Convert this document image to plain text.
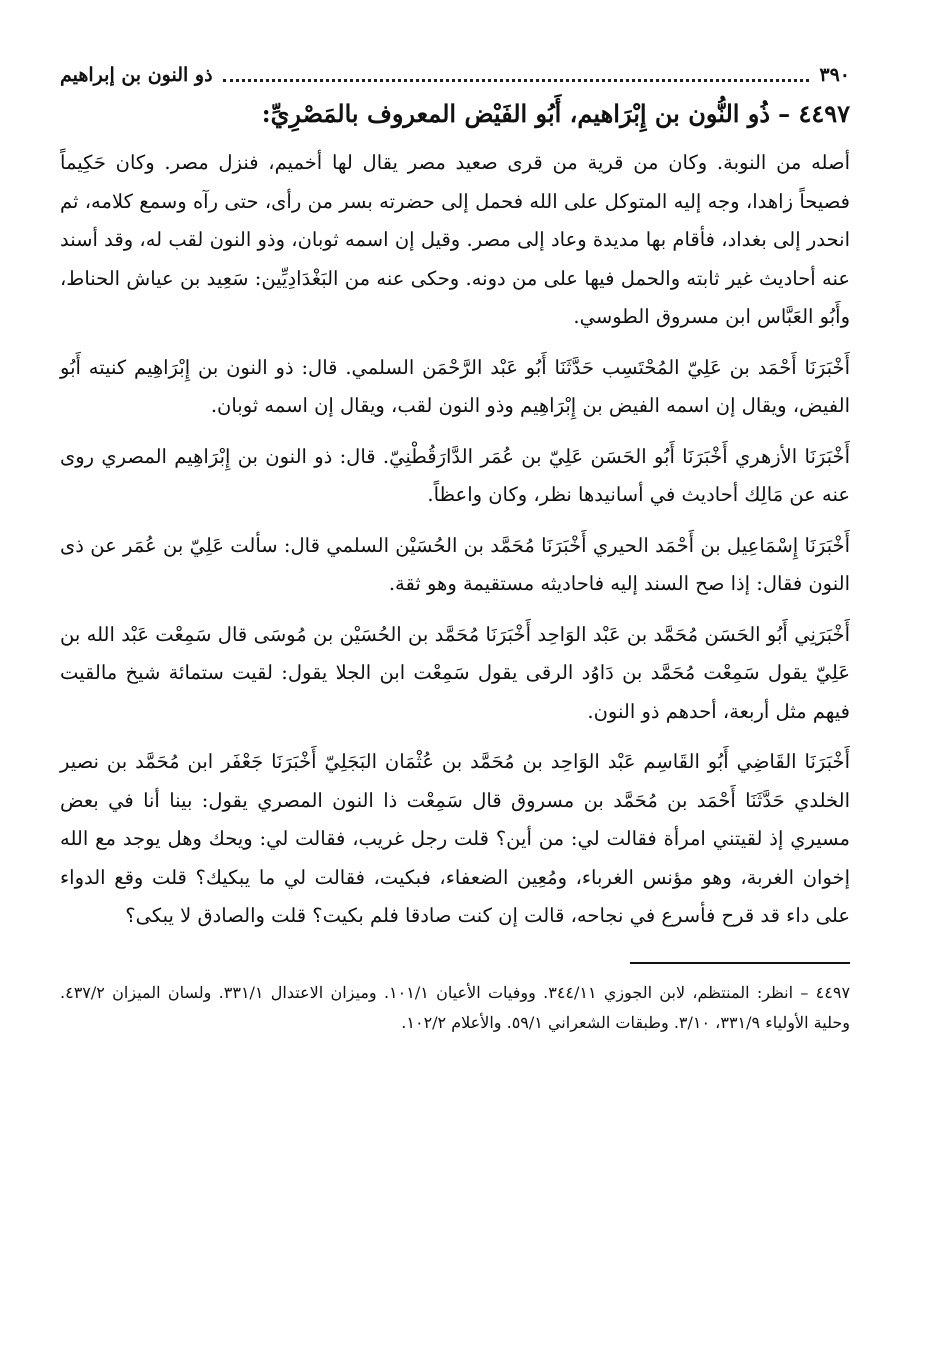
٣٩٠
ذو النون بن إبراهيم
٤٤٩٧ –ذُو النُّون بن إِبْرَاهيم، أَبُو الفَيْض المعروف بالمَصْرِيِّ:

أصله من النوبة. وكان من قرية من قرى صعيد مصر يقال لها أخميم، فنزل مصر. وكان حَكِيماً فصيحاً زاهدا، وجه إليه المتوكل على الله فحمل إلى حضرته بسر من رأى، حتى رآه وسمع كلامه، ثم انحدر إلى بغداد، فأقام بها مديدة وعاد إلى مصر. وقيل إن اسمه ثوبان، وذو النون لقب له، وقد أسند عنه أحاديث غير ثابته والحمل فيها على من دونه. وحكى عنه من البَغْدَادِيِّين: سَعِيد بن عياش الحناط، وأَبُو العَبَّاس ابن مسروق الطوسي.

أَخْبَرَنَا أَحْمَد بن عَلِيّ المُحْتَسِب حَدَّثَنَا أَبُو عَبْد الرَّحْمَن السلمي. قال: ذو النون بن إِبْرَاهِيم كنيته أَبُو الفيض، ويقال إن اسمه الفيض بن إِبْرَاهِيم وذو النون لقب، ويقال إن اسمه ثوبان.

أَخْبَرَنَا الأزهري أَخْبَرَنَا أَبُو الحَسَن عَلِيّ بن عُمَر الدَّارَقُطْنِيّ. قال: ذو النون بن إِبْرَاهِيم المصري روى عنه عن مَالِك أحاديث في أسانيدها نظر، وكان واعظاً.

أَخْبَرَنَا إِسْمَاعِيل بن أَحْمَد الحيري أَخْبَرَنَا مُحَمَّد بن الحُسَيْن السلمي قال: سألت عَلِيّ بن عُمَر عن ذى النون فقال: إذا صح السند إليه فاحاديثه مستقيمة وهو ثقة.

أَخْبَرَنِي أَبُو الحَسَن مُحَمَّد بن عَبْد الوَاحِد أَخْبَرَنَا مُحَمَّد بن الحُسَيْن بن مُوسَى قال سَمِعْت عَبْد الله بن عَلِيّ يقول سَمِعْت مُحَمَّد بن دَاوُد الرقى يقول سَمِعْت ابن الجلا يقول: لقيت ستمائة شيخ مالقيت فيهم مثل أربعة، أحدهم ذو النون.

أَخْبَرَنَا القَاضِي أَبُو القَاسِم عَبْد الوَاحِد بن مُحَمَّد بن عُثْمَان البَجَلِيّ أَخْبَرَنَا جَعْفَر ابن مُحَمَّد بن نصير الخلدي حَدَّثَنَا أَحْمَد بن مُحَمَّد بن مسروق قال سَمِعْت ذا النون المصري يقول: بينا أنا في بعض مسيري إذ لقيتني امرأة فقالت لي: من أين؟ قلت رجل غريب، فقالت لي: ويحك وهل يوجد مع الله إخوان الغربة، وهو مؤنس الغرباء، ومُعِين الضعفاء، فبكيت، فقالت لي ما يبكيك؟ قلت وقع الدواء على داء قد قرح فأسرع في نجاحه، قالت إن كنت صادقا فلم بكيت؟ قلت والصادق لا يبكى؟

٤٤٩٧ – انظر: المنتظم، لابن الجوزي ٣٤٤/١١. ووفيات الأعيان ١٠١/١. وميزان الاعتدال ٣٣١/١. ولسان الميزان ٤٣٧/٢. وحلية الأولياء ٣٣١/٩، ٣/١٠. وطبقات الشعراني ٥٩/١. والأعلام ١٠٢/٢.
